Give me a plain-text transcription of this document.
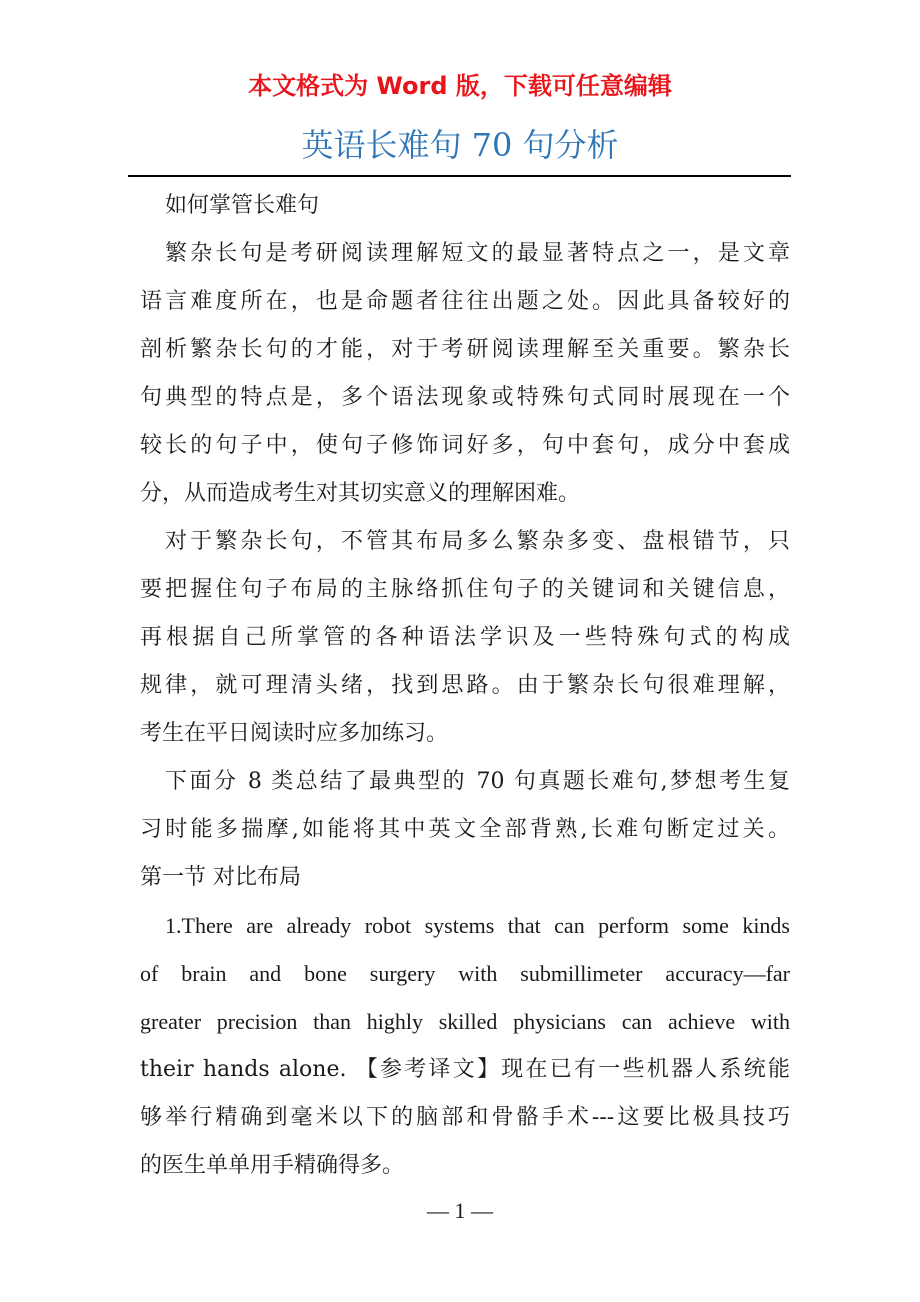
本文格式为 Word 版，下载可任意编辑
英语长难句 70 句分析
如何掌管长难句
繁杂长句是考研阅读理解短文的最显著特点之一，是文章
语言难度所在，也是命题者往往出题之处。因此具备较好的
剖析繁杂长句的才能，对于考研阅读理解至关重要。繁杂长
句典型的特点是，多个语法现象或特殊句式同时展现在一个
较长的句子中，使句子修饰词好多，句中套句，成分中套成
分，从而造成考生对其切实意义的理解困难。
对于繁杂长句，不管其布局多么繁杂多变、盘根错节，只
要把握住句子布局的主脉络抓住句子的关键词和关键信息，
再根据自己所掌管的各种语法学识及一些特殊句式的构成
规律，就可理清头绪，找到思路。由于繁杂长句很难理解，
考生在平日阅读时应多加练习。
下面分 8 类总结了最典型的 70 句真题长难句,梦想考生复
习时能多揣摩,如能将其中英文全部背熟,长难句断定过关。
第一节 对比布局
1.There are already robot systems that can perform some kinds
of brain and bone surgery with submillimeter accuracy—far
greater precision than highly skilled physicians can achieve with
their hands alone. 【参考译文】现在已有一些机器人系统能
够举行精确到毫米以下的脑部和骨骼手术---这要比极具技巧
的医生单单用手精确得多。
— 1 —
